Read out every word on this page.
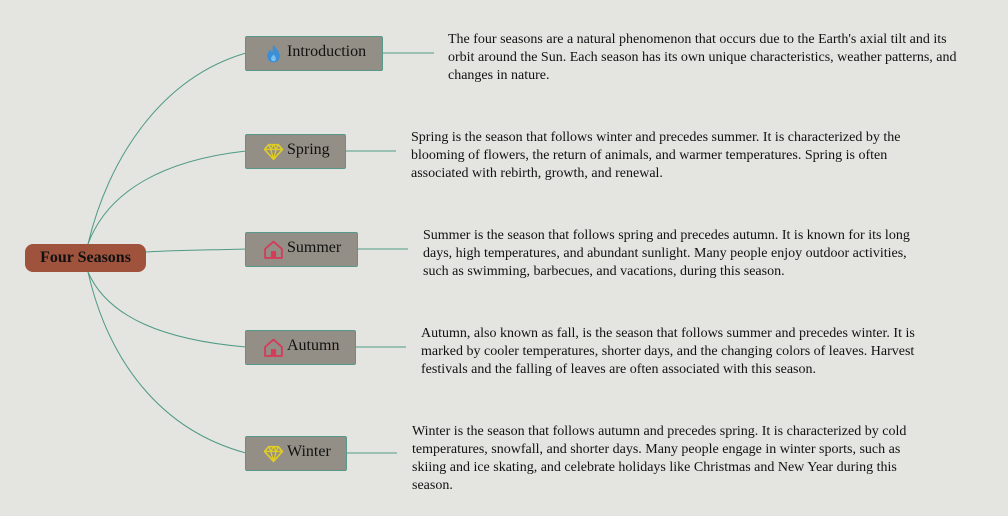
Four Seasons
Introduction
The four seasons are a natural phenomenon that occurs due to the Earth's axial tilt and its orbit around the Sun. Each season has its own unique characteristics, weather patterns, and changes in nature.
Spring
Spring is the season that follows winter and precedes summer. It is characterized by the blooming of flowers, the return of animals, and warmer temperatures. Spring is often associated with rebirth, growth, and renewal.
Summer
Summer is the season that follows spring and precedes autumn. It is known for its long days, high temperatures, and abundant sunlight. Many people enjoy outdoor activities, such as swimming, barbecues, and vacations, during this season.
Autumn
Autumn, also known as fall, is the season that follows summer and precedes winter. It is marked by cooler temperatures, shorter days, and the changing colors of leaves. Harvest festivals and the falling of leaves are often associated with this season.
Winter
Winter is the season that follows autumn and precedes spring. It is characterized by cold temperatures, snowfall, and shorter days. Many people engage in winter sports, such as skiing and ice skating, and celebrate holidays like Christmas and New Year during this season.
